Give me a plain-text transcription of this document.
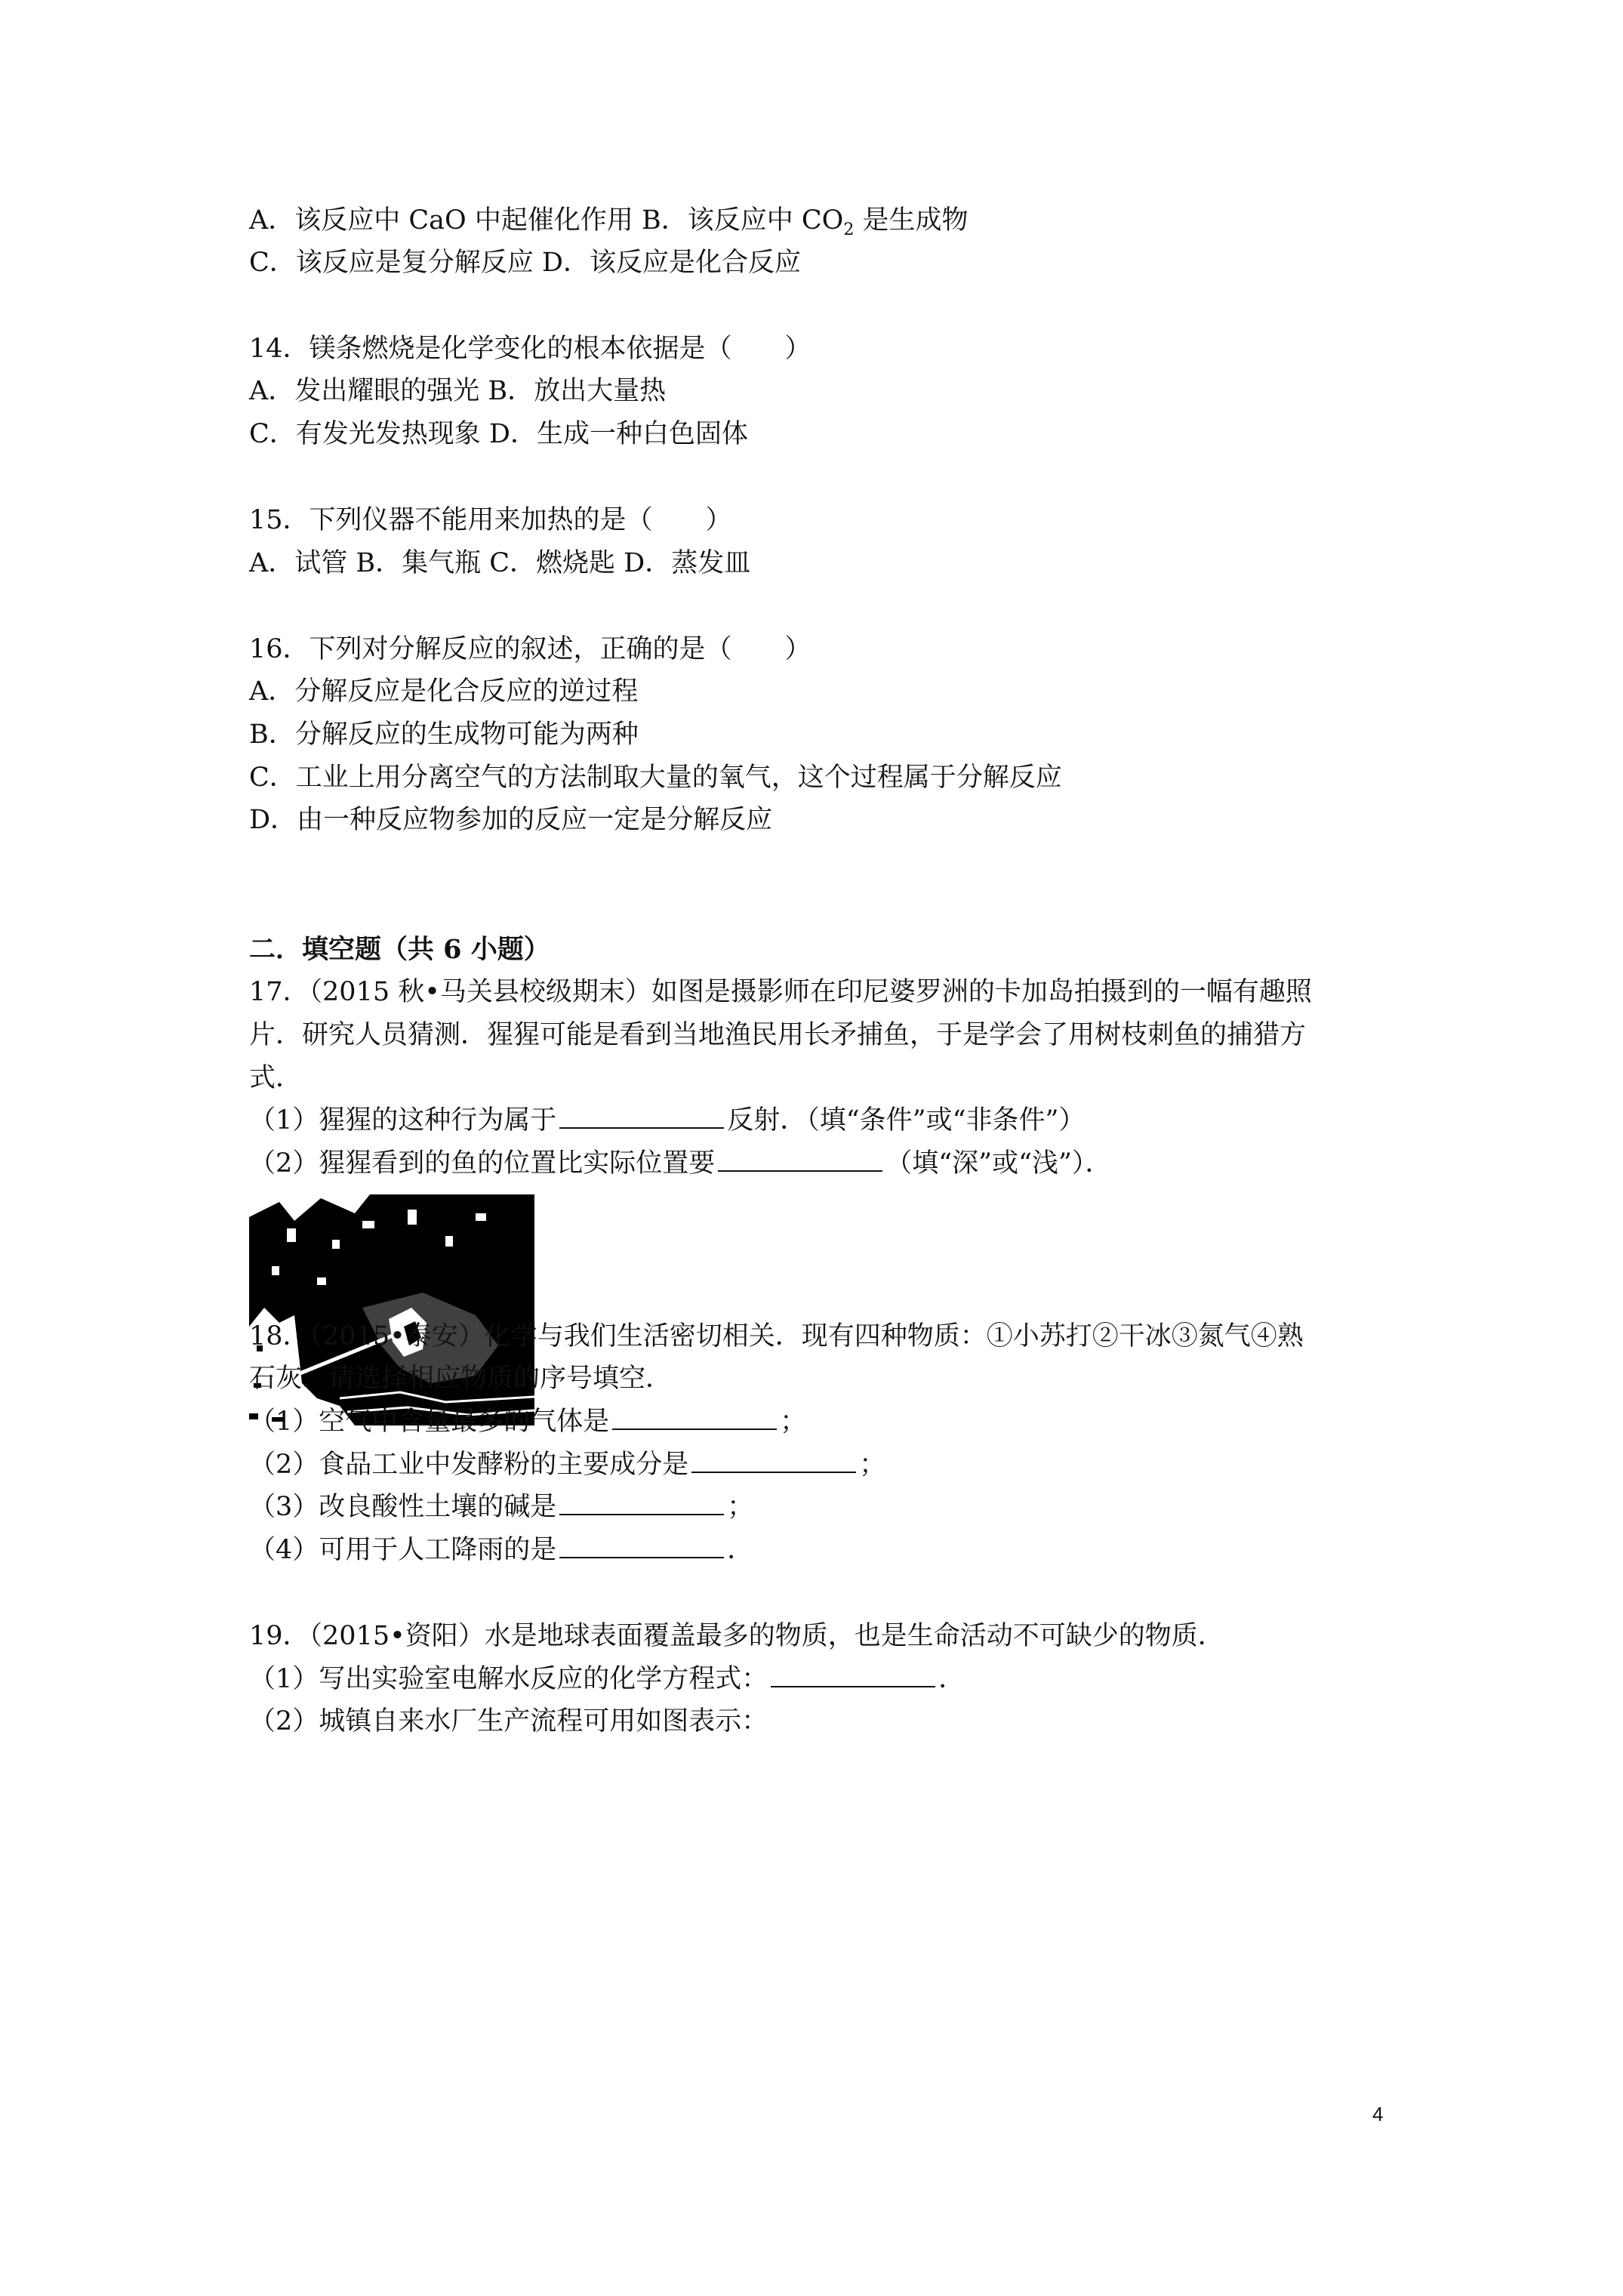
A．该反应中 CaO 中起催化作用 B．该反应中 $CO_2$ 是生成物
C．该反应是复分解反应 D．该反应是化合反应
14．镁条燃烧是化学变化的根本依据是（　　）
A．发出耀眼的强光 B．放出大量热
C．有发光发热现象 D．生成一种白色固体
15．下列仪器不能用来加热的是（　　）
A．试管 B．集气瓶 C．燃烧匙 D．蒸发皿
16．下列对分解反应的叙述，正确的是（　　）
A．分解反应是化合反应的逆过程
B．分解反应的生成物可能为两种
C．工业上用分离空气的方法制取大量的氧气，这个过程属于分解反应
D．由一种反应物参加的反应一定是分解反应
二．填空题（共 6 小题）
17．（2015 秋•马关县校级期末）如图是摄影师在印尼婆罗洲的卡加岛拍摄到的一幅有趣照
片．研究人员猜测．猩猩可能是看到当地渔民用长矛捕鱼，于是学会了用树枝刺鱼的捕猎方
式．
（1）猩猩的这种行为属于	反射．（填“条件”或“非条件”）
（2）猩猩看到的鱼的位置比实际位置要	（填“深”或“浅”）．
18．（2015•泰安）化学与我们生活密切相关．现有四种物质：①小苏打②干冰③氮气④熟
石灰．请选择相应物质的序号填空．
（1）空气中含量最多的气体是	；
（2）食品工业中发酵粉的主要成分是	；
（3）改良酸性土壤的碱是	；
（4）可用于人工降雨的是	．
19．（2015•资阳）水是地球表面覆盖最多的物质，也是生命活动不可缺少的物质．
（1）写出实验室电解水反应的化学方程式：	．
（2）城镇自来水厂生产流程可用如图表示：
4
